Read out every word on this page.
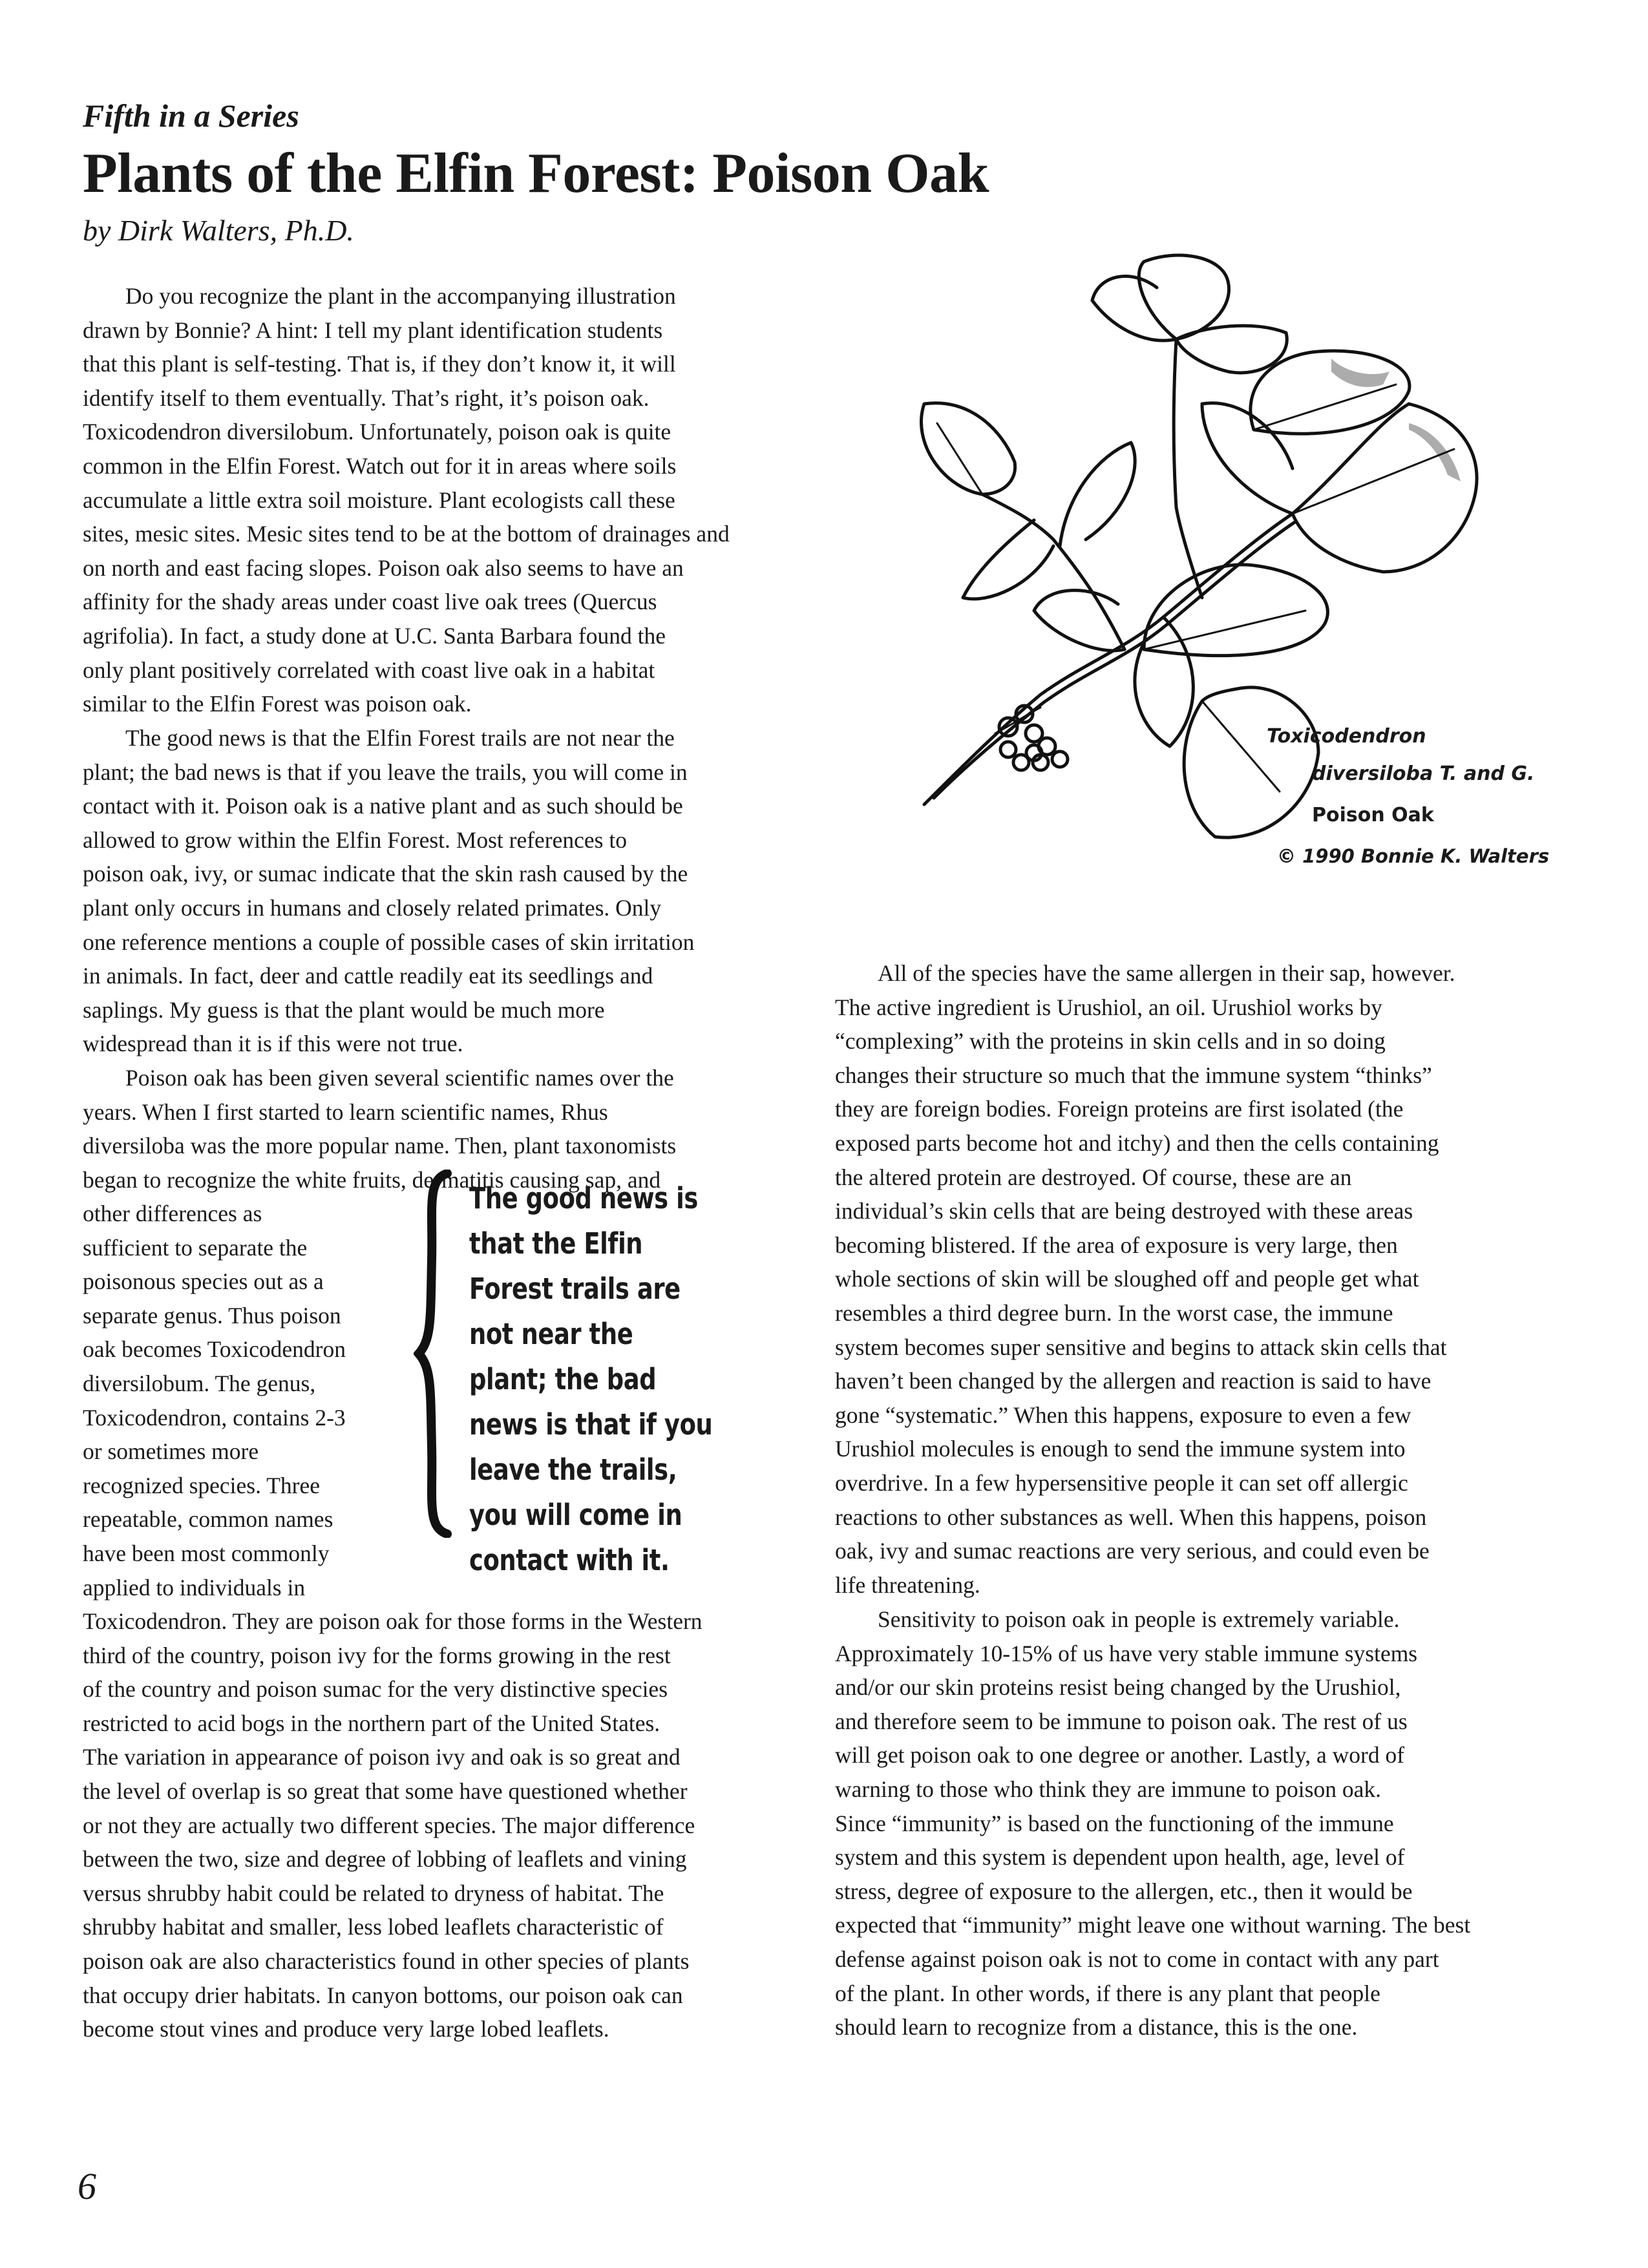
Fifth in a Series
Plants of the Elfin Forest: Poison Oak
by Dirk Walters, Ph.D.
Do you recognize the plant in the accompanying illustration
drawn by Bonnie? A hint: I tell my plant identification students
that this plant is self-testing. That is, if they don’t know it, it will
identify itself to them eventually. That’s right, it’s poison oak.
Toxicodendron diversilobum. Unfortunately, poison oak is quite
common in the Elfin Forest. Watch out for it in areas where soils
accumulate a little extra soil moisture. Plant ecologists call these
sites, mesic sites. Mesic sites tend to be at the bottom of drainages and
on north and east facing slopes. Poison oak also seems to have an
affinity for the shady areas under coast live oak trees (Quercus
agrifolia). In fact, a study done at U.C. Santa Barbara found the
only plant positively correlated with coast live oak in a habitat
similar to the Elfin Forest was poison oak.
The good news is that the Elfin Forest trails are not near the
plant; the bad news is that if you leave the trails, you will come in
contact with it. Poison oak is a native plant and as such should be
allowed to grow within the Elfin Forest. Most references to
poison oak, ivy, or sumac indicate that the skin rash caused by the
plant only occurs in humans and closely related primates. Only
one reference mentions a couple of possible cases of skin irritation
in animals. In fact, deer and cattle readily eat its seedlings and
saplings. My guess is that the plant would be much more
widespread than it is if this were not true.
Poison oak has been given several scientific names over the
years. When I first started to learn scientific names, Rhus
diversiloba was the more popular name. Then, plant taxonomists
began to recognize the white fruits, dermatitis causing sap, and
other differences as
sufficient to separate the
poisonous species out as a
separate genus. Thus poison
oak becomes Toxicodendron
diversilobum. The genus,
Toxicodendron, contains 2-3
or sometimes more
recognized species. Three
repeatable, common names
have been most commonly
applied to individuals in
Toxicodendron. They are poison oak for those forms in the Western
third of the country, poison ivy for the forms growing in the rest
of the country and poison sumac for the very distinctive species
restricted to acid bogs in the northern part of the United States.
The variation in appearance of poison ivy and oak is so great and
the level of overlap is so great that some have questioned whether
or not they are actually two different species. The major difference
between the two, size and degree of lobbing of leaflets and vining
versus shrubby habit could be related to dryness of habitat. The
shrubby habitat and smaller, less lobed leaflets characteristic of
poison oak are also characteristics found in other species of plants
that occupy drier habitats. In canyon bottoms, our poison oak can
become stout vines and produce very large lobed leaflets.
The good news is that the Elfin Forest trails are not near the plant; the bad news is that if you leave the trails, you will come in contact with it.
Toxicodendron
diversiloba T. and G.
Poison Oak
© 1990 Bonnie K. Walters
All of the species have the same allergen in their sap, however.
The active ingredient is Urushiol, an oil. Urushiol works by
“complexing” with the proteins in skin cells and in so doing
changes their structure so much that the immune system “thinks”
they are foreign bodies. Foreign proteins are first isolated (the
exposed parts become hot and itchy) and then the cells containing
the altered protein are destroyed. Of course, these are an
individual’s skin cells that are being destroyed with these areas
becoming blistered. If the area of exposure is very large, then
whole sections of skin will be sloughed off and people get what
resembles a third degree burn. In the worst case, the immune
system becomes super sensitive and begins to attack skin cells that
haven’t been changed by the allergen and reaction is said to have
gone “systematic.” When this happens, exposure to even a few
Urushiol molecules is enough to send the immune system into
overdrive. In a few hypersensitive people it can set off allergic
reactions to other substances as well. When this happens, poison
oak, ivy and sumac reactions are very serious, and could even be
life threatening.
Sensitivity to poison oak in people is extremely variable.
Approximately 10-15% of us have very stable immune systems
and/or our skin proteins resist being changed by the Urushiol,
and therefore seem to be immune to poison oak. The rest of us
will get poison oak to one degree or another. Lastly, a word of
warning to those who think they are immune to poison oak.
Since “immunity” is based on the functioning of the immune
system and this system is dependent upon health, age, level of
stress, degree of exposure to the allergen, etc., then it would be
expected that “immunity” might leave one without warning. The best
defense against poison oak is not to come in contact with any part
of the plant. In other words, if there is any plant that people
should learn to recognize from a distance, this is the one.
6
